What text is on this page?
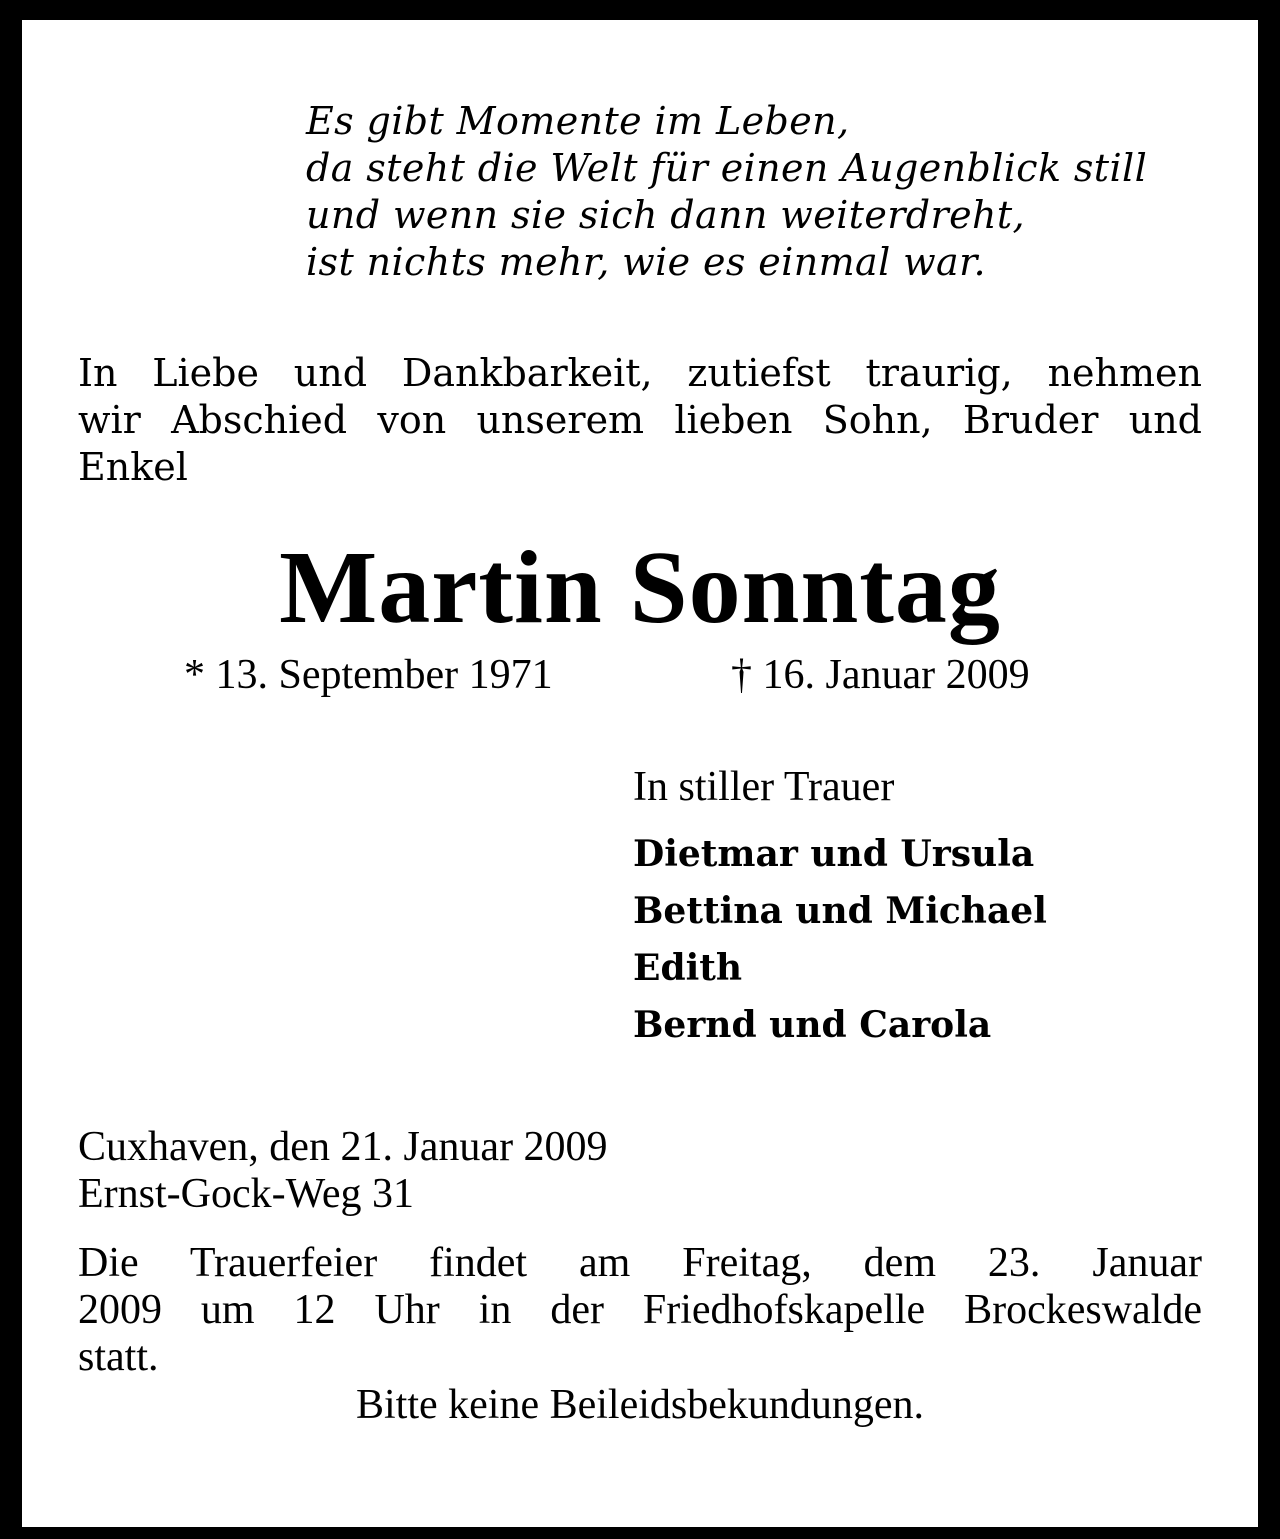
Es gibt Momente im Leben,
da steht die Welt für einen Augenblick still
und wenn sie sich dann weiterdreht,
ist nichts mehr, wie es einmal war.
In Liebe und Dankbarkeit, zutiefst traurig, nehmen
wir Abschied von unserem lieben Sohn, Bruder und
Enkel
Martin Sonntag
* 13. September 1971	† 16. Januar 2009
In stiller Trauer
Dietmar und Ursula
Bettina und Michael
Edith
Bernd und Carola
Cuxhaven, den 21. Januar 2009
Ernst-Gock-Weg 31
Die Trauerfeier findet am Freitag, dem 23. Januar
2009 um 12 Uhr in der Friedhofskapelle Brockeswalde
statt.
Bitte keine Beileidsbekundungen.
